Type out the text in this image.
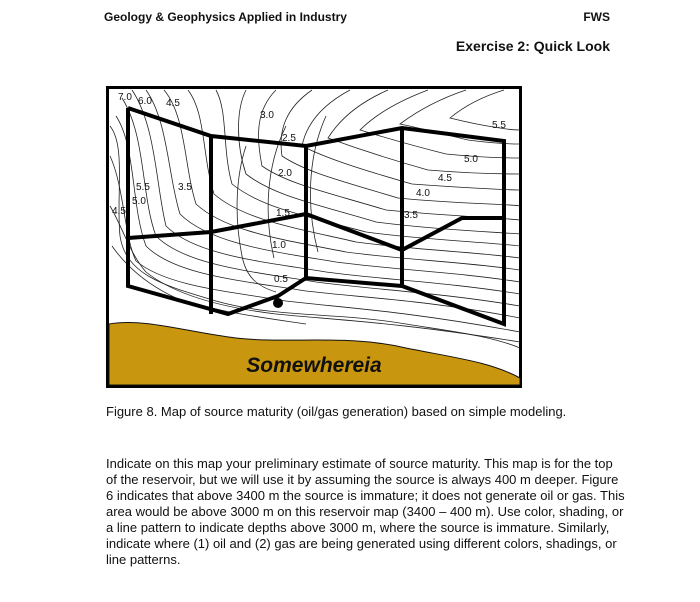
Geology & Geophysics Applied in Industry	FWS
Exercise 2: Quick Look
7.0 6.0 4.5
3.0
2.5
2.0
1.5
1.0
0.5
5.5
5.0
4.5
4.0
3.5
5.5	3.5
5.0
4.5
Somewhereia
Figure 8. Map of source maturity (oil/gas generation) based on simple modeling.

Indicate on this map your preliminary estimate of source maturity. This map is for the top of the reservoir, but we will use it by assuming the source is always 400 m deeper. Figure 6 indicates that above 3400 m the source is immature; it does not generate oil or gas. This area would be above 3000 m on this reservoir map (3400 – 400 m). Use color, shading, or a line pattern to indicate depths above 3000 m, where the source is immature. Similarly, indicate where (1) oil and (2) gas are being generated using different colors, shadings, or line patterns.
